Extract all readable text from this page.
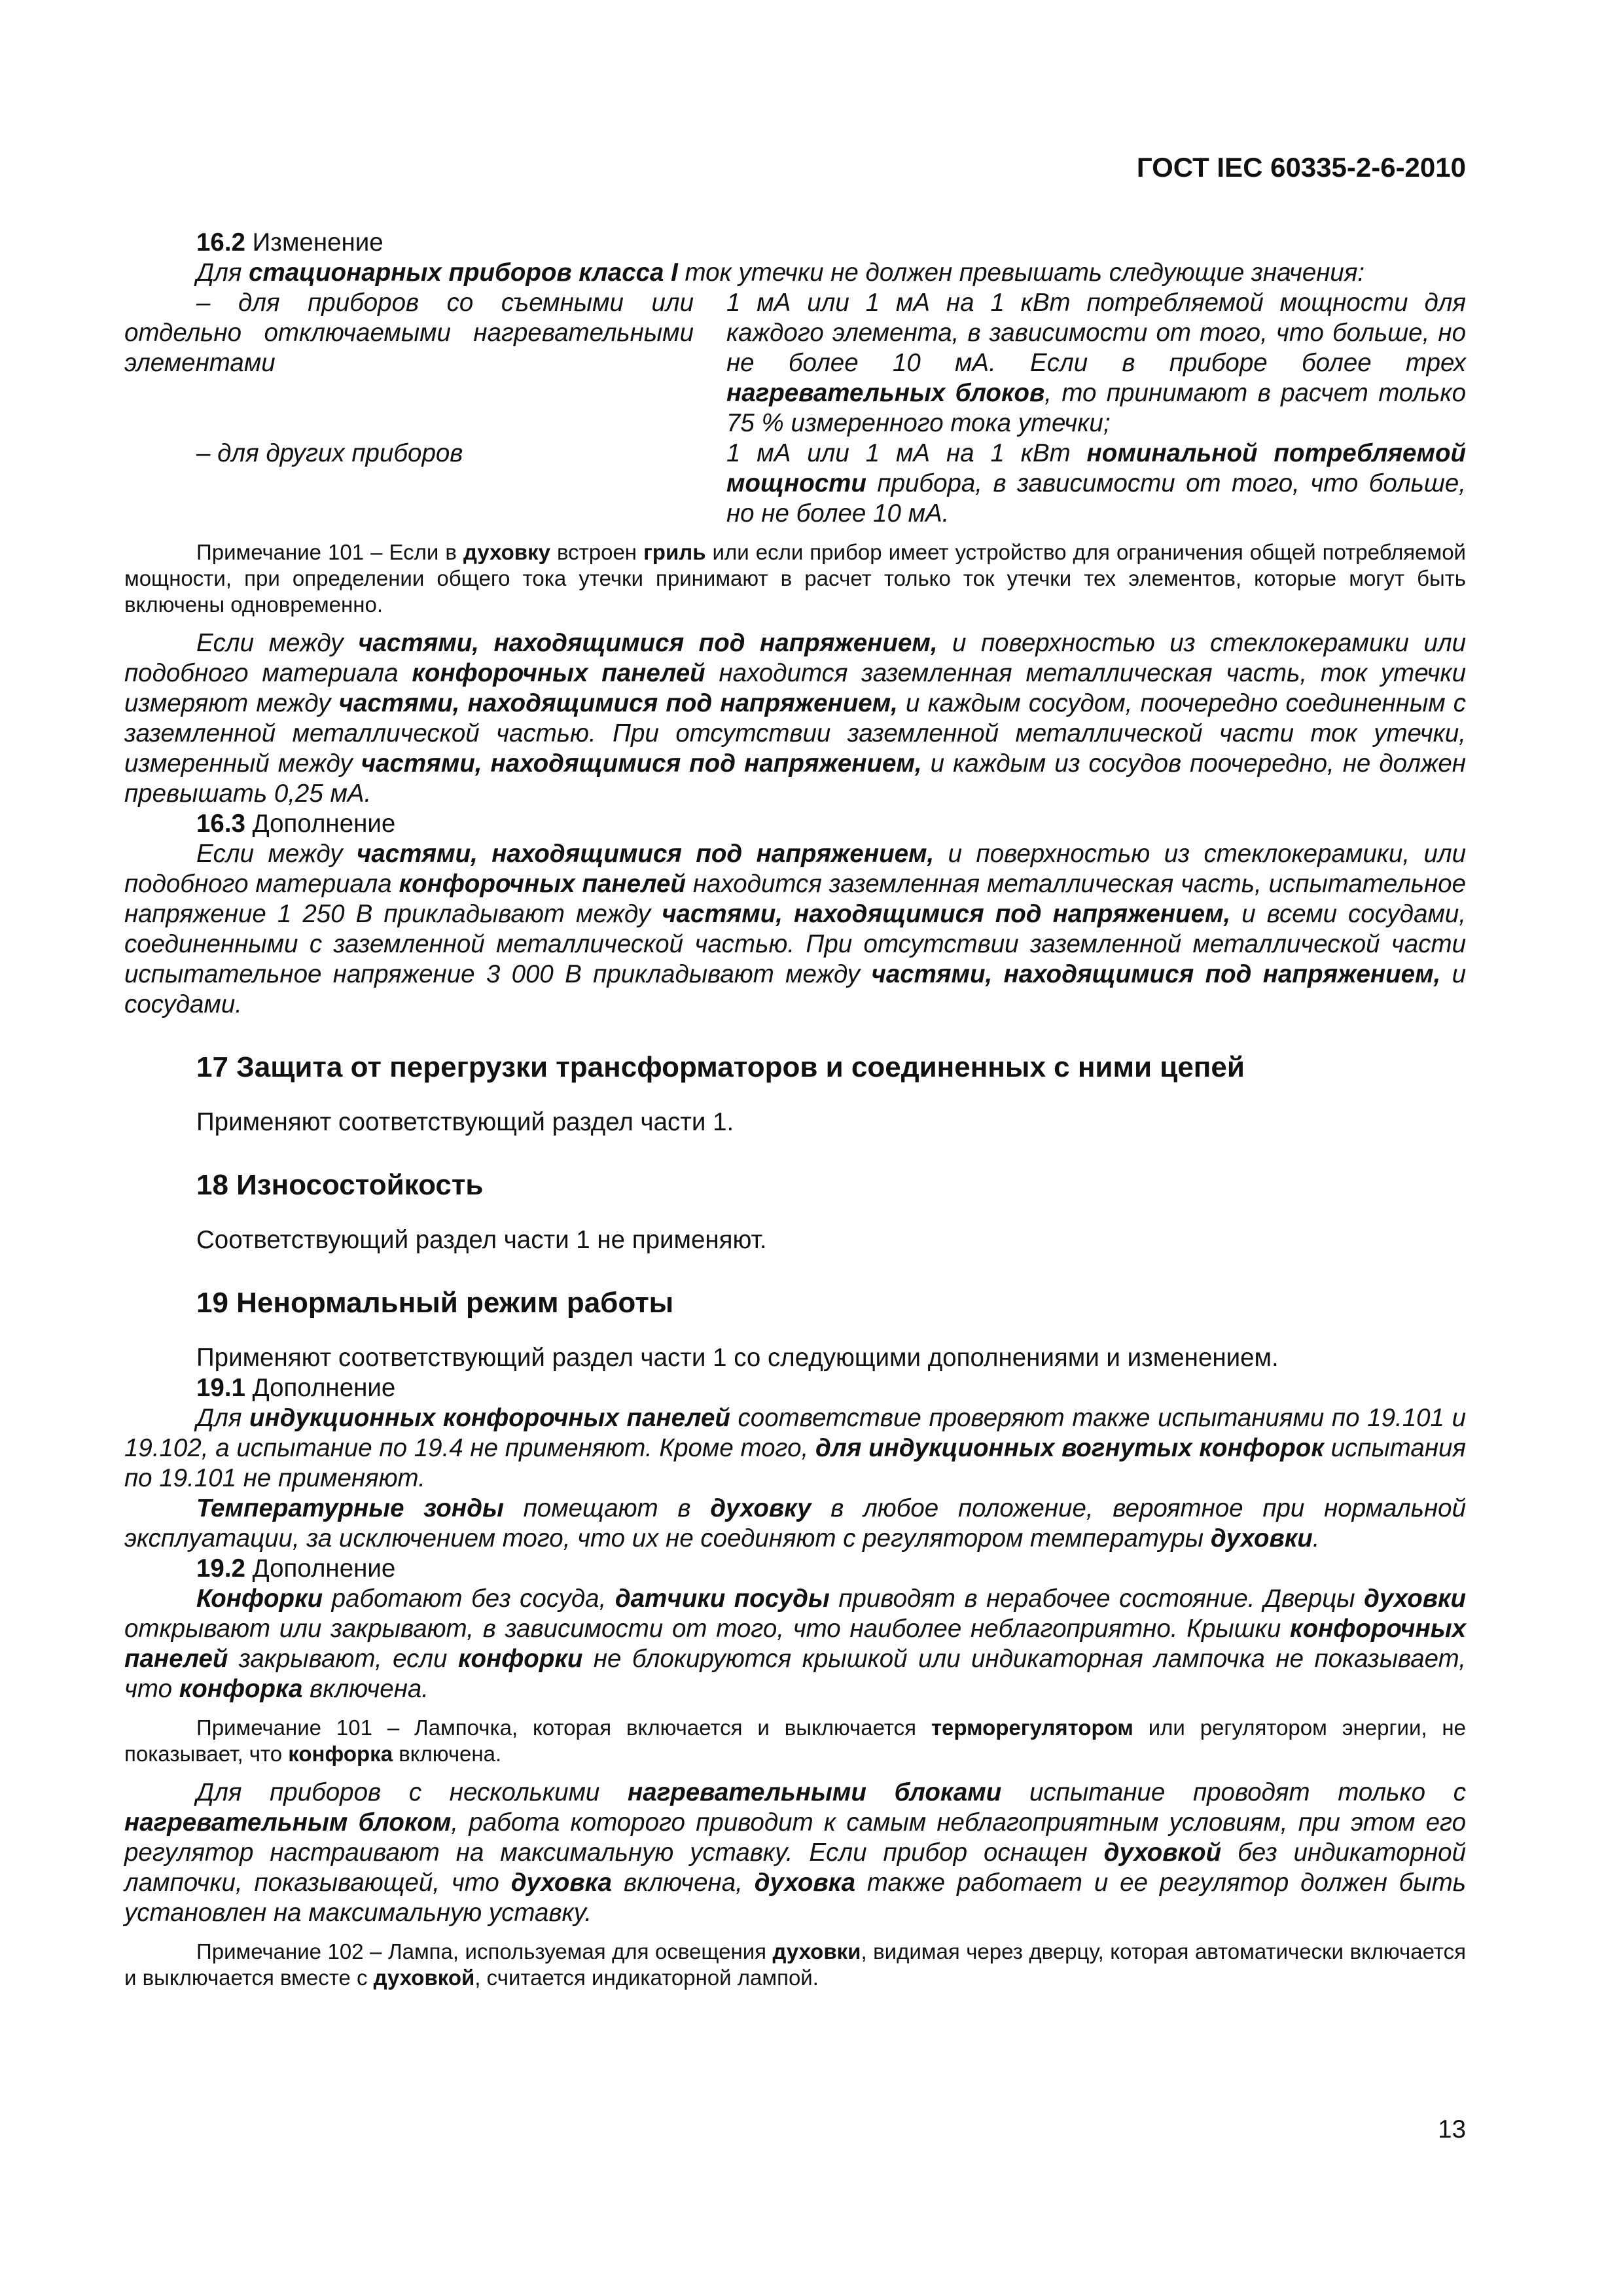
ГОСТ IEC 60335-2-6-2010

16.2 Изменение

Для стационарных приборов класса I ток утечки не должен превышать следующие значения:

– для приборов со съемными или отдельно отключаемыми нагревательными элементами

1 мА или 1 мА на 1 кВт потребляемой мощности для каждого элемента, в зависимости от того, что больше, но не более 10 мА. Если в приборе более трех нагревательных блоков, то принимают в расчет только 75 % измеренного тока утечки;

– для других приборов	1 мА или 1 мА на 1 кВт номинальной потребляемой мощности прибора, в зависимости от того, что больше, но не более 10 мА.

Примечание 101 – Если в духовку встроен гриль или если прибор имеет устройство для ограничения общей потребляемой мощности, при определении общего тока утечки принимают в расчет только ток утечки тех элементов, которые могут быть включены одновременно.

Если между частями, находящимися под напряжением, и поверхностью из стеклокерамики или подобного материала конфорочных панелей находится заземленная металлическая часть, ток утечки измеряют между частями, находящимися под напряжением, и каждым сосудом, поочередно соединенным с заземленной металлической частью. При отсутствии заземленной металлической части ток утечки, измеренный между частями, находящимися под напряжением, и каждым из сосудов поочередно, не должен превышать 0,25 мА.

16.3 Дополнение

Если между частями, находящимися под напряжением, и поверхностью из стеклокерамики, или подобного материала конфорочных панелей находится заземленная металлическая часть, испытательное напряжение 1 250 В прикладывают между частями, находящимися под напряжением, и всеми сосудами, соединенными с заземленной металлической частью. При отсутствии заземленной металлической части испытательное напряжение 3 000 В прикладывают между частями, находящимися под напряжением, и сосудами.

17 Защита от перегрузки трансформаторов и соединенных с ними цепей

Применяют соответствующий раздел части 1.

18 Износостойкость

Соответствующий раздел части 1 не применяют.

19 Ненормальный режим работы

Применяют соответствующий раздел части 1 со следующими дополнениями и изменением.

19.1 Дополнение

Для индукционных конфорочных панелей соответствие проверяют также испытаниями по 19.101 и 19.102, а испытание по 19.4 не применяют. Кроме того, для индукционных вогнутых конфорок испытания по 19.101 не применяют.

Температурные зонды помещают в духовку в любое положение, вероятное при нормальной эксплуатации, за исключением того, что их не соединяют с регулятором температуры духовки.

19.2 Дополнение

Конфорки работают без сосуда, датчики посуды приводят в нерабочее состояние. Дверцы духовки открывают или закрывают, в зависимости от того, что наиболее неблагоприятно. Крышки конфорочных панелей закрывают, если конфорки не блокируются крышкой или индикаторная лампочка не показывает, что конфорка включена.

Примечание 101 – Лампочка, которая включается и выключается терморегулятором или регулятором энергии, не показывает, что конфорка включена.

Для приборов с несколькими нагревательными блоками испытание проводят только с нагревательным блоком, работа которого приводит к самым неблагоприятным условиям, при этом его регулятор настраивают на максимальную уставку. Если прибор оснащен духовкой без индикаторной лампочки, показывающей, что духовка включена, духовка также работает и ее регулятор должен быть установлен на максимальную уставку.

Примечание 102 – Лампа, используемая для освещения духовки, видимая через дверцу, которая автоматически включается и выключается вместе с духовкой, считается индикаторной лампой.

13
